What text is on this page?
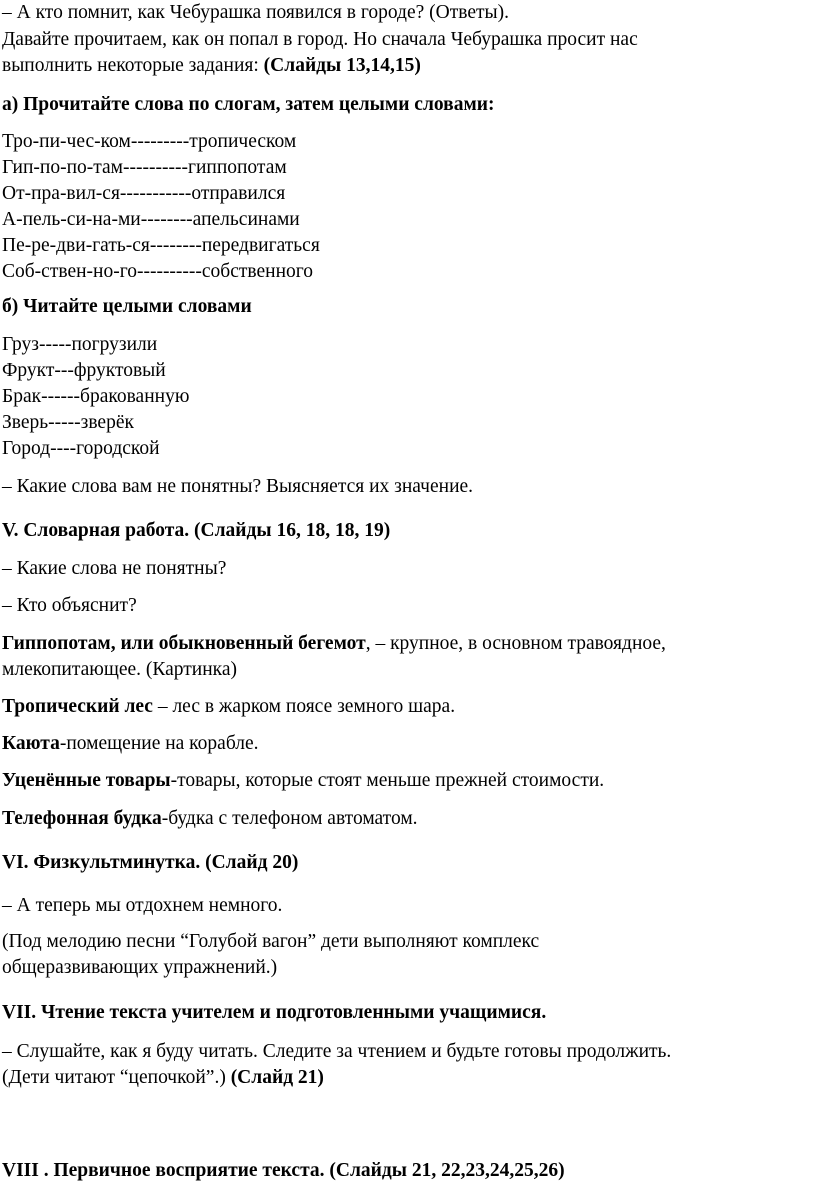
– А кто помнит, как Чебурашка появился в городе? (Ответы).
Давайте прочитаем, как он попал в город. Но сначала Чебурашка просит нас
выполнить некоторые задания: (Слайды 13,14,15)
а) Прочитайте слова по слогам, затем целыми словами:
Тро-пи-чес-ком---------тропическом
Гип-по-по-там----------гиппопотам
От-пра-вил-ся-----------отправился
А-пель-си-на-ми--------апельсинами
Пе-ре-дви-гать-ся--------передвигаться
Соб-ствен-но-го----------собственного
б) Читайте целыми словами
Груз-----погрузили
Фрукт---фруктовый
Брак------бракованную
Зверь-----зверёк
Город----городской
– Какие слова вам не понятны? Выясняется их значение.
V. Словарная работа. (Слайды 16, 18, 18, 19)
– Какие слова не понятны?
– Кто объяснит?
Гиппопотам, или обыкновенный бегемот, – крупное, в основном травоядное,
млекопитающее. (Картинка)
Тропический лес – лес в жарком поясе земного шара.
Каюта-помещение на корабле.
Уценённые товары-товары, которые стоят меньше прежней стоимости.
Телефонная будка-будка с телефоном автоматом.
VI. Физкультминутка. (Слайд 20)
– А теперь мы отдохнем немного.
(Под мелодию песни “Голубой вагон” дети выполняют комплекс
общеразвивающих упражнений.)
VII. Чтение текста учителем и подготовленными учащимися.
– Слушайте, как я буду читать. Следите за чтением и будьте готовы продолжить.
(Дети читают “цепочкой”.) (Слайд 21)
VIII . Первичное восприятие текста. (Слайды 21, 22,23,24,25,26)
